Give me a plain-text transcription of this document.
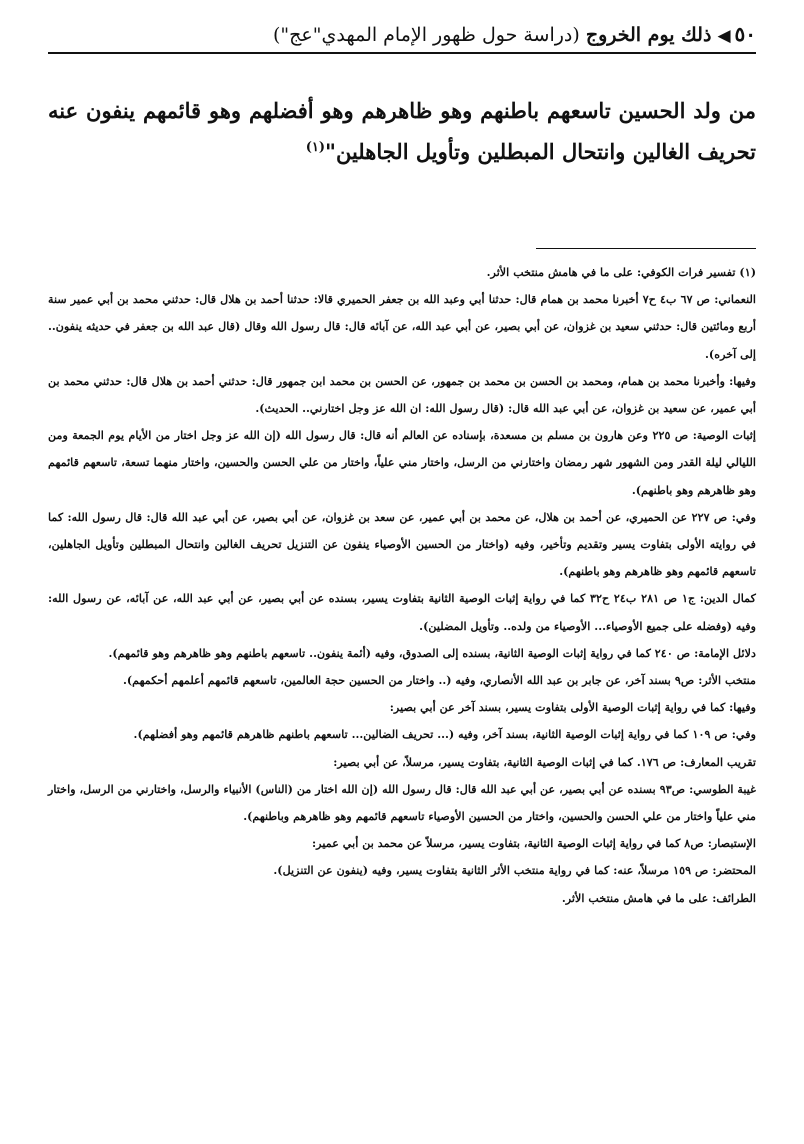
٥٠
◀
ذلك يوم الخروج
(دراسة حول ظهور الإمام المهدي"عج")
من ولد الحسين تاسعهم باطنهم وهو ظاهرهم وهو أفضلهم وهو قائمهم ينفون عنه تحريف الغالين وانتحال المبطلين وتأويل الجاهلين"$^{(١)}$

(١) تفسير فرات الكوفي: على ما في هامش منتخب الأثر.

النعماني: ص ٦٧ ب٤ ح٧ أخبرنا محمد بن همام قال: حدثنا أبي وعبد الله بن جعفر الحميري قالا: حدثنا أحمد بن هلال قال: حدثني محمد بن أبي عمير سنة أربع ومائتين قال: حدثني سعيد بن غزوان، عن أبي بصير، عن أبي عبد الله، عن آبائه قال: قال رسول الله وقال (قال عبد الله بن جعفر في حديثه ينفون.. إلى آخره).

وفيها: وأخبرنا محمد بن همام، ومحمد بن الحسن بن محمد بن جمهور، عن الحسن بن محمد ابن جمهور قال: حدثني أحمد بن هلال قال: حدثني محمد بن أبي عمير، عن سعيد بن غزوان، عن أبي عبد الله قال: (قال رسول الله: ان الله عز وجل اختارني.. الحديث).

إثبات الوصية: ص ٢٢٥ وعن هارون بن مسلم بن مسعدة، بإسناده عن العالم أنه قال: قال رسول الله (إن الله عز وجل اختار من الأيام يوم الجمعة ومن الليالي ليلة القدر ومن الشهور شهر رمضان واختارني من الرسل، واختار مني علياً، واختار من علي الحسن والحسين، واختار منهما تسعة، تاسعهم قائمهم وهو ظاهرهم وهو باطنهم).

وفي: ص ٢٢٧ عن الحميري، عن أحمد بن هلال، عن محمد بن أبي عمير، عن سعد بن غزوان، عن أبي بصير، عن أبي عبد الله قال: قال رسول الله: كما في روايته الأولى بتفاوت يسير وتقديم وتأخير، وفيه (واختار من الحسين الأوصياء ينفون عن التنزيل تحريف الغالين وانتحال المبطلين وتأويل الجاهلين، تاسعهم قائمهم وهو ظاهرهم وهو باطنهم).

كمال الدين: ج١ ص ٢٨١ ب٢٤ ح٣٢ كما في رواية إثبات الوصية الثانية بتفاوت يسير، بسنده عن أبي بصير، عن أبي عبد الله، عن آبائه، عن رسول الله: وفيه (وفضله على جميع الأوصياء... الأوصياء من ولده.. وتأويل المضلين).

دلائل الإمامة: ص ٢٤٠ كما في رواية إثبات الوصية الثانية، بسنده إلى الصدوق، وفيه (أئمة ينفون.. تاسعهم باطنهم وهو ظاهرهم وهو قائمهم).

منتخب الأثر: ص٩ بسند آخر، عن جابر بن عبد الله الأنصاري، وفيه (.. واختار من الحسين حجة العالمين، تاسعهم قائمهم أعلمهم أحكمهم).

وفيها: كما في رواية إثبات الوصية الأولى بتفاوت يسير، بسند آخر عن أبي بصير:

وفي: ص ١٠٩ كما في رواية إثبات الوصية الثانية، بسند آخر، وفيه (... تحريف الضالين... تاسعهم باطنهم ظاهرهم قائمهم وهو أفضلهم).

تقريب المعارف: ص ١٧٦. كما في إثبات الوصية الثانية، بتفاوت يسير، مرسلاً، عن أبي بصير:

غيبة الطوسي: ص٩٣ بسنده عن أبي بصير، عن أبي عبد الله قال: قال رسول الله (إن الله اختار من (الناس) الأنبياء والرسل، واختارني من الرسل، واختار مني علياً واختار من علي الحسن والحسين، واختار من الحسين الأوصياء تاسعهم قائمهم وهو ظاهرهم وباطنهم).

الإستبصار: ص٨ كما في رواية إثبات الوصية الثانية، بتفاوت يسير، مرسلاً عن محمد بن أبي عمير:

المحتضر: ص ١٥٩ مرسلاً، عنه: كما في رواية منتخب الأثر الثانية بتفاوت يسير، وفيه (ينفون عن التنزيل).

الطرائف: على ما في هامش منتخب الأثر.
